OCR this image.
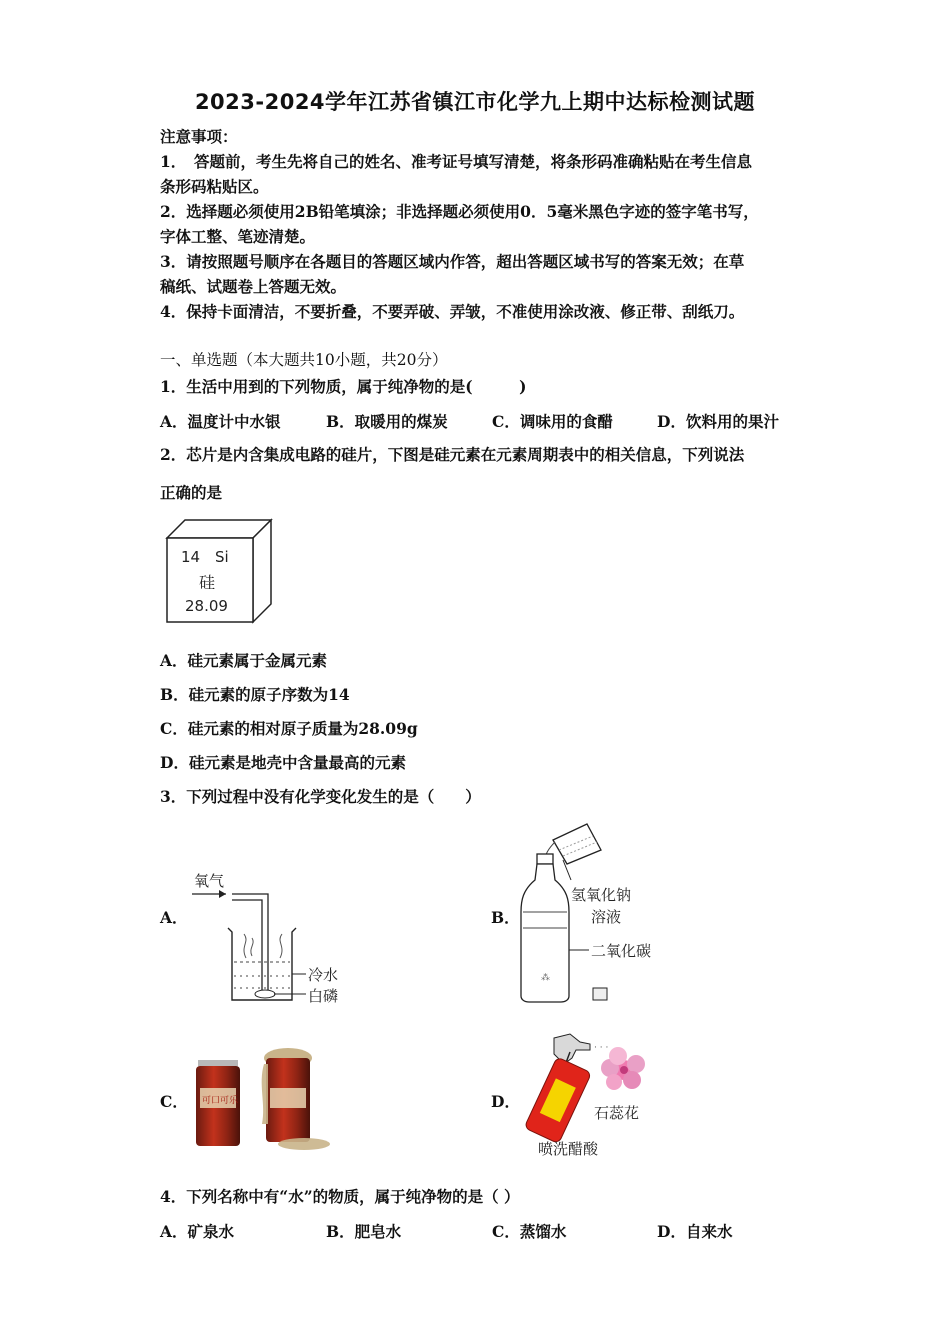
2023-2024学年江苏省镇江市化学九上期中达标检测试题
注意事项：
1．　答题前，考生先将自己的姓名、准考证号填写清楚，将条形码准确粘贴在考生信息
条形码粘贴区。
2．选择题必须使用2B铅笔填涂；非选择题必须使用0．5毫米黑色字迹的签字笔书写，
字体工整、笔迹清楚。
3．请按照题号顺序在各题目的答题区域内作答，超出答题区域书写的答案无效；在草
稿纸、试题卷上答题无效。
4．保持卡面清洁，不要折叠，不要弄破、弄皱，不准使用涂改液、修正带、刮纸刀。
一、单选题（本大题共10小题，共20分）
1．生活中用到的下列物质，属于纯净物的是(　　　)
A．温度计中水银	B．取暖用的煤炭	C．调味用的食醋	D．饮料用的果汁
2．芯片是内含集成电路的硅片，下图是硅元素在元素周期表中的相关信息，下列说法
正确的是
14 Si
硅
28.09
A．硅元素属于金属元素
B．硅元素的原子序数为14
C．硅元素的相对原子质量为28.09g
D．硅元素是地壳中含量最高的元素
3．下列过程中没有化学变化发生的是（　　）
A．	B．
C．	D．
氧气
冷水
白磷
⁂
氢氧化钠
溶液
二氧化碳
可口可乐
· · ·
石蕊花
喷洗醋酸
4．下列名称中有“水”的物质，属于纯净物的是（ ）
A．矿泉水	B．肥皂水	C．蒸馏水	D．自来水
